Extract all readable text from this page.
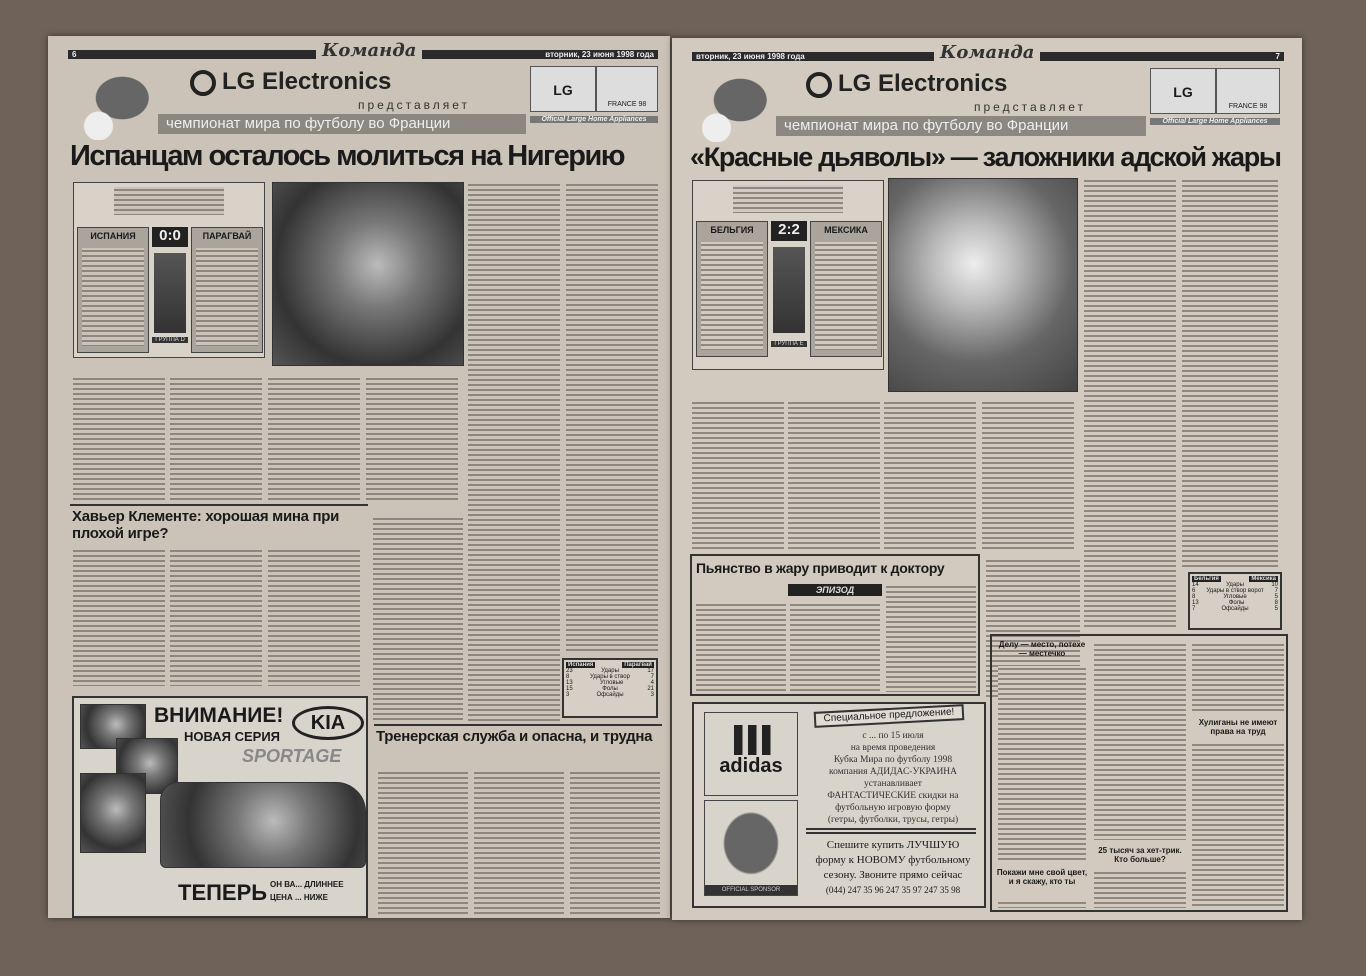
6	вторник, 23 июня 1998 года
Команда
LG Electronics
представляет
чемпионат мира по футболу во Франции
LG
FRANCE 98
Official Large Home Appliances
Испанцам осталось молиться на Нигерию
ИСПАНИЯ	0:0
ГРУППА D
ПАРАГВАЙ
Хавьер Клементе: хорошая мина при плохой игре?
Испания	Парагвай
23	Удары	17
8	Удары в створ	7
13	Угловые	4
15	Фолы	21
3	Офсайды	3
ВНИМАНИЕ!
НОВАЯ СЕРИЯ
KIA
SPORTAGE
ТЕПЕРЬ ОН ВА... ДЛИННЕЕ
ЦЕНА ... НИЖЕ
Тренерская служба и опасна, и трудна
вторник, 23 июня 1998 года	7
Команда
LG Electronics
представляет
чемпионат мира по футболу во Франции
LG
FRANCE 98
Official Large Home Appliances
«Красные дьяволы» — заложники адской жары
БЕЛЬГИЯ	2:2
ГРУППА E
МЕКСИКА
Бельгия	Мексика
14	Удары	10
6 Удары в створ ворот 7
8	Угловые	5
13	Фолы	8
7	Офсайды	5
Пьянство в жару приводит к доктору
ЭПИЗОД
adidas
OFFICIAL SPONSOR
Специальное предложение!
с ... по 15 июля
на время проведения
Кубка Мира по футболу 1998
компания АДИДАС-УКРАИНА
устанавливает
ФАНТАСТИЧЕСКИЕ скидки на
футбольную игровую форму
(гетры, футболки, трусы, гетры)
Спешите купить ЛУЧШУЮ
форму к НОВОМУ футбольному
сезону. Звоните прямо сейчас
(044) 247 35 96 247 35 97 247 35 98
Делу — место, потехе — местечко
Покажи мне свой цвет, и я скажу, кто ты
25 тысяч за хет-трик. Кто больше?
Хулиганы не имеют права на труд
